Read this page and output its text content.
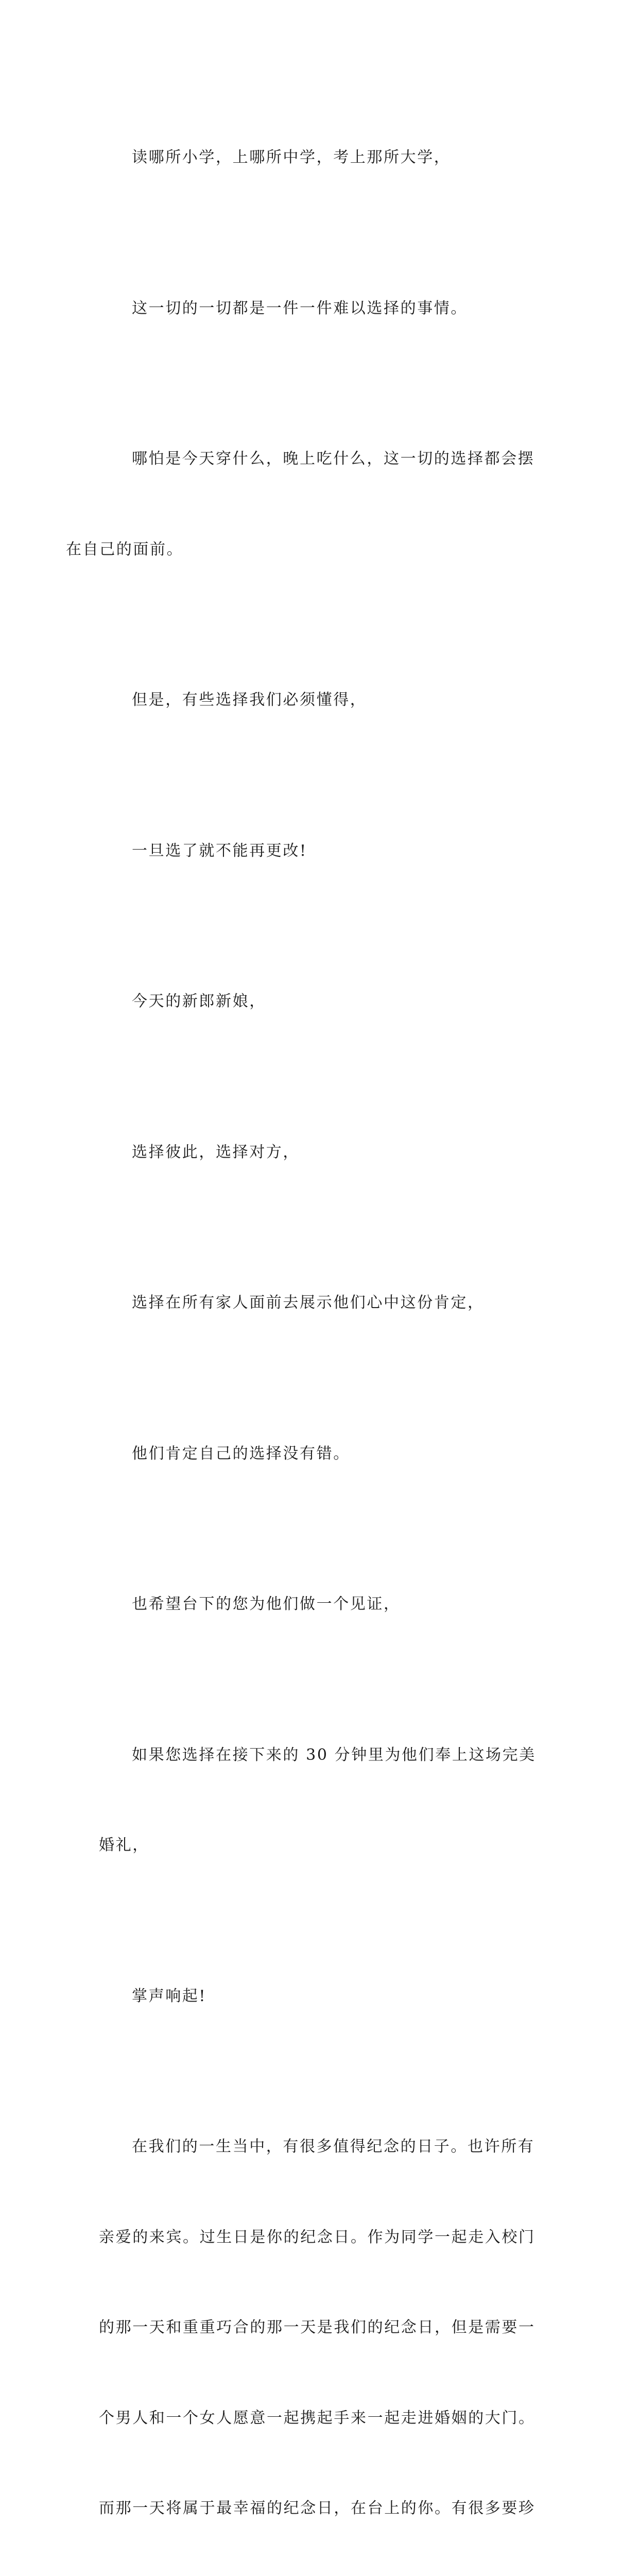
读哪所小学，上哪所中学，考上那所大学，

这一切的一切都是一件一件难以选择的事情。

哪怕是今天穿什么，晚上吃什么，这一切的选择都会摆

在自己的面前。

但是，有些选择我们必须懂得，

一旦选了就不能再更改!

今天的新郎新娘，

选择彼此，选择对方，

选择在所有家人面前去展示他们心中这份肯定，

他们肯定自己的选择没有错。

也希望台下的您为他们做一个见证，

如果您选择在接下来的 30 分钟里为他们奉上这场完美

婚礼，

掌声响起!

在我们的一生当中，有很多值得纪念的日子。也许所有

亲爱的来宾。过生日是你的纪念日。作为同学一起走入校门

的那一天和重重巧合的那一天是我们的纪念日，但是需要一

个男人和一个女人愿意一起携起手来一起走进婚姻的大门。

而那一天将属于最幸福的纪念日，在台上的你。有很多要珍
